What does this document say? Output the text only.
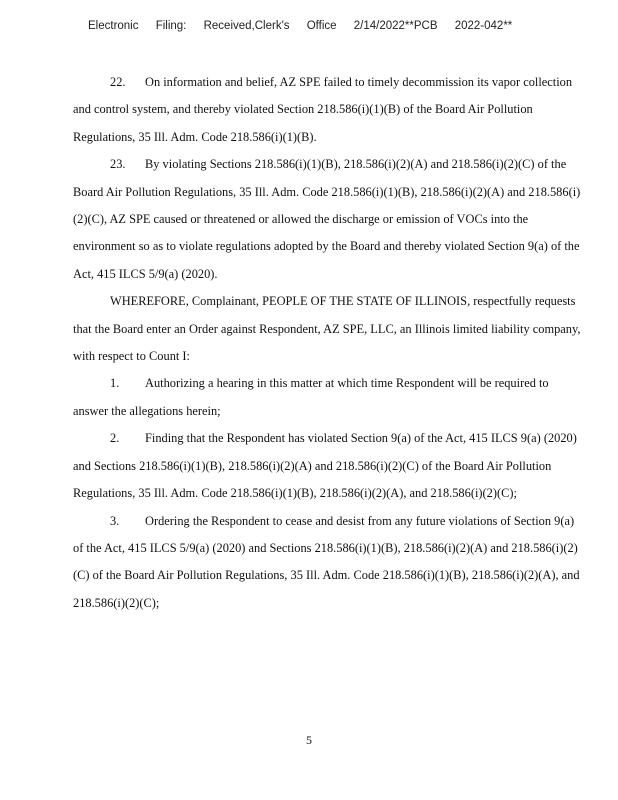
Electronic Filing: Received,Clerk's Office 2/14/2022**PCB 2022-042**

22. On information and belief, AZ SPE failed to timely decommission its vapor collection and control system, and thereby violated Section 218.586(i)(1)(B) of the Board Air Pollution Regulations, 35 Ill. Adm. Code 218.586(i)(1)(B).

23. By violating Sections 218.586(i)(1)(B), 218.586(i)(2)(A) and 218.586(i)(2)(C) of the Board Air Pollution Regulations, 35 Ill. Adm. Code 218.586(i)(1)(B), 218.586(i)(2)(A) and 218.586(i)(2)(C), AZ SPE caused or threatened or allowed the discharge or emission of VOCs into the environment so as to violate regulations adopted by the Board and thereby violated Section 9(a) of the Act, 415 ILCS 5/9(a) (2020).

WHEREFORE, Complainant, PEOPLE OF THE STATE OF ILLINOIS, respectfully requests that the Board enter an Order against Respondent, AZ SPE, LLC, an Illinois limited liability company, with respect to Count I:

1. Authorizing a hearing in this matter at which time Respondent will be required to answer the allegations herein;

2. Finding that the Respondent has violated Section 9(a) of the Act, 415 ILCS 9(a) (2020) and Sections 218.586(i)(1)(B), 218.586(i)(2)(A) and 218.586(i)(2)(C) of the Board Air Pollution Regulations, 35 Ill. Adm. Code 218.586(i)(1)(B), 218.586(i)(2)(A), and 218.586(i)(2)(C);

3. Ordering the Respondent to cease and desist from any future violations of Section 9(a) of the Act, 415 ILCS 5/9(a) (2020) and Sections 218.586(i)(1)(B), 218.586(i)(2)(A) and 218.586(i)(2)(C) of the Board Air Pollution Regulations, 35 Ill. Adm. Code 218.586(i)(1)(B), 218.586(i)(2)(A), and 218.586(i)(2)(C);

5
